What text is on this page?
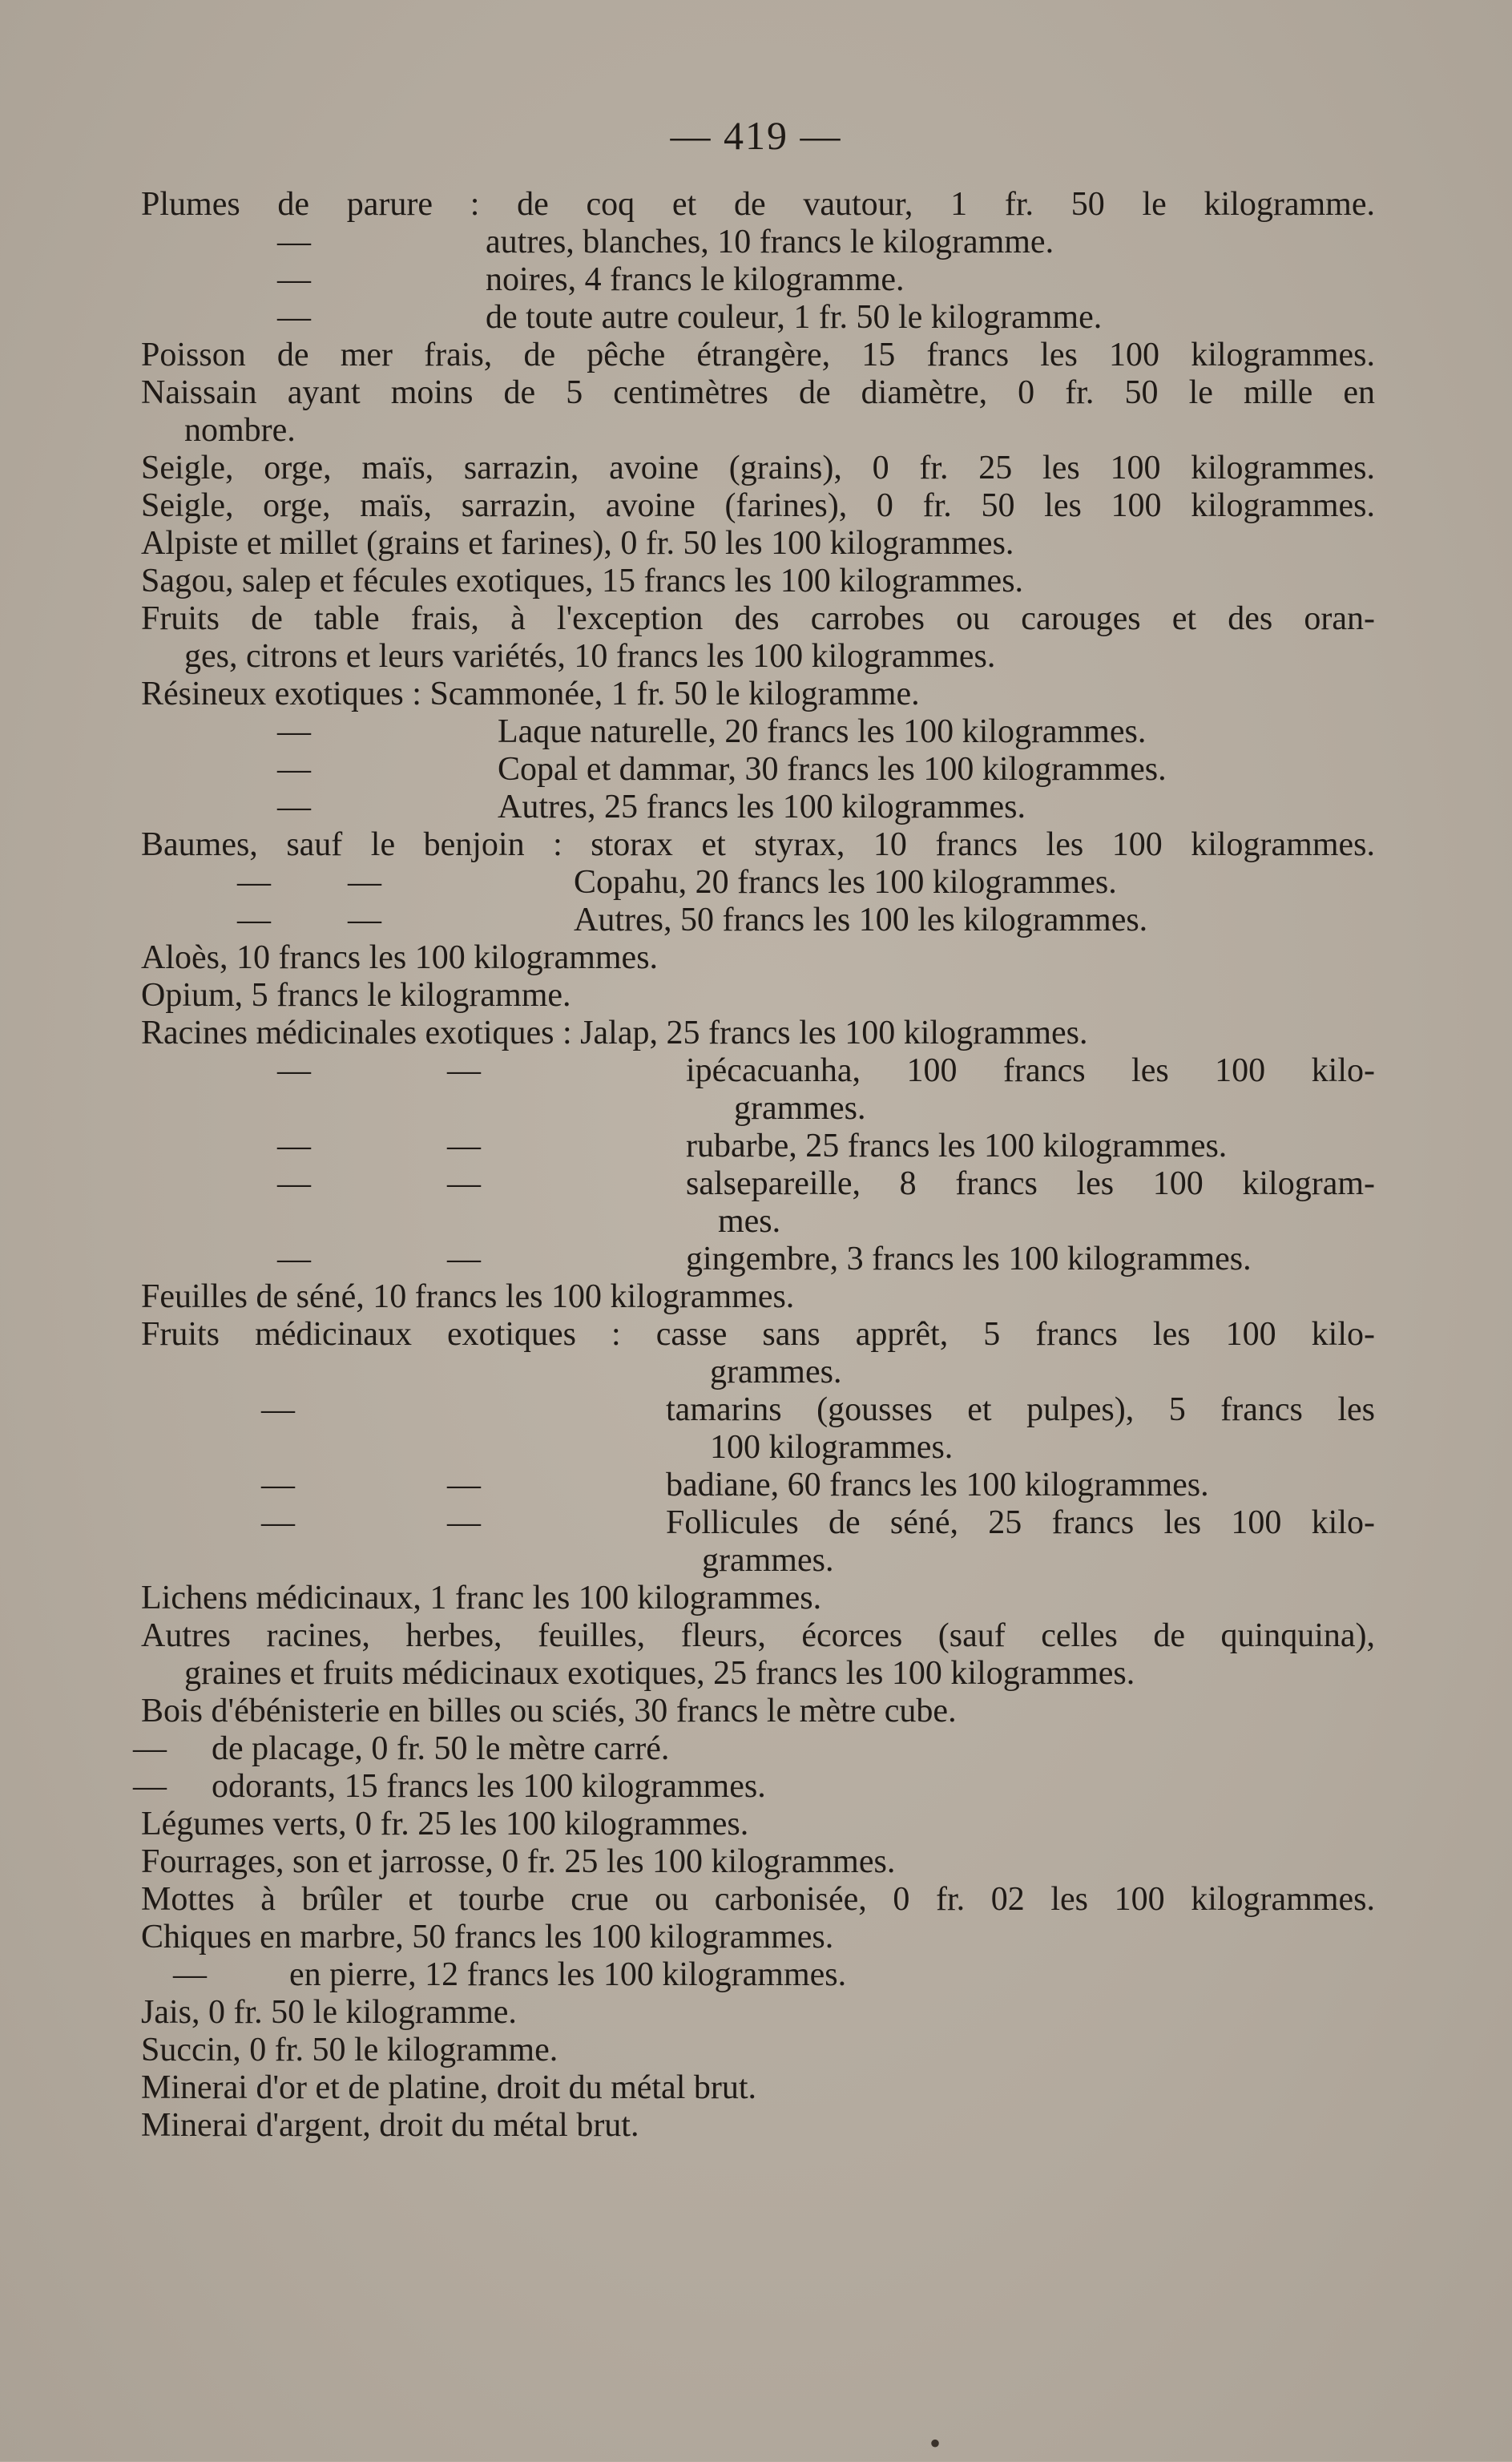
— 419 —
Plumes de parure : de coq et de vautour, 1 fr. 50 le kilogramme.
—	autres, blanches, 10 francs le kilogramme.
—	noires, 4 francs le kilogramme.
—	de toute autre couleur, 1 fr. 50 le kilogramme.
Poisson de mer frais, de pêche étrangère, 15 francs les 100 kilogrammes.
Naissain ayant moins de 5 centimètres de diamètre, 0 fr. 50 le mille en
nombre.
Seigle, orge, maïs, sarrazin, avoine (grains), 0 fr. 25 les 100 kilogrammes.
Seigle, orge, maïs, sarrazin, avoine (farines), 0 fr. 50 les 100 kilogrammes.
Alpiste et millet (grains et farines), 0 fr. 50 les 100 kilogrammes.
Sagou, salep et fécules exotiques, 15 francs les 100 kilogrammes.
Fruits de table frais, à l'exception des carrobes ou carouges et des oran-
ges, citrons et leurs variétés, 10 francs les 100 kilogrammes.
Résineux exotiques : Scammonée, 1 fr. 50 le kilogramme.
—	Laque naturelle, 20 francs les 100 kilogrammes.
—	Copal et dammar, 30 francs les 100 kilogrammes.
—	Autres, 25 francs les 100 kilogrammes.
Baumes, sauf le benjoin : storax et styrax, 10 francs les 100 kilogrammes.
— —	Copahu, 20 francs les 100 kilogrammes.
— —	Autres, 50 francs les 100 les kilogrammes.
Aloès, 10 francs les 100 kilogrammes.
Opium, 5 francs le kilogramme.
Racines médicinales exotiques : Jalap, 25 francs les 100 kilogrammes.
—	—	ipécacuanha, 100 francs les 100 kilo-
grammes.
—	—	rubarbe, 25 francs les 100 kilogrammes.
—	—	salsepareille, 8 francs les 100 kilogram-
mes.
—	—	gingembre, 3 francs les 100 kilogrammes.
Feuilles de séné, 10 francs les 100 kilogrammes.
Fruits médicinaux exotiques : casse sans apprêt, 5 francs les 100 kilo-
grammes.
—	tamarins (gousses et pulpes), 5 francs les
100 kilogrammes.
—	—	badiane, 60 francs les 100 kilogrammes.
—	—	Follicules de séné, 25 francs les 100 kilo-
grammes.
Lichens médicinaux, 1 franc les 100 kilogrammes.
Autres racines, herbes, feuilles, fleurs, écorces (sauf celles de quinquina),
graines et fruits médicinaux exotiques, 25 francs les 100 kilogrammes.
Bois d'ébénisterie en billes ou sciés, 30 francs le mètre cube.
— de placage, 0 fr. 50 le mètre carré.
— odorants, 15 francs les 100 kilogrammes.
Légumes verts, 0 fr. 25 les 100 kilogrammes.
Fourrages, son et jarrosse, 0 fr. 25 les 100 kilogrammes.
Mottes à brûler et tourbe crue ou carbonisée, 0 fr. 02 les 100 kilogrammes.
Chiques en marbre, 50 francs les 100 kilogrammes.
— en pierre, 12 francs les 100 kilogrammes.
Jais, 0 fr. 50 le kilogramme.
Succin, 0 fr. 50 le kilogramme.
Minerai d'or et de platine, droit du métal brut.
Minerai d'argent, droit du métal brut.
•
